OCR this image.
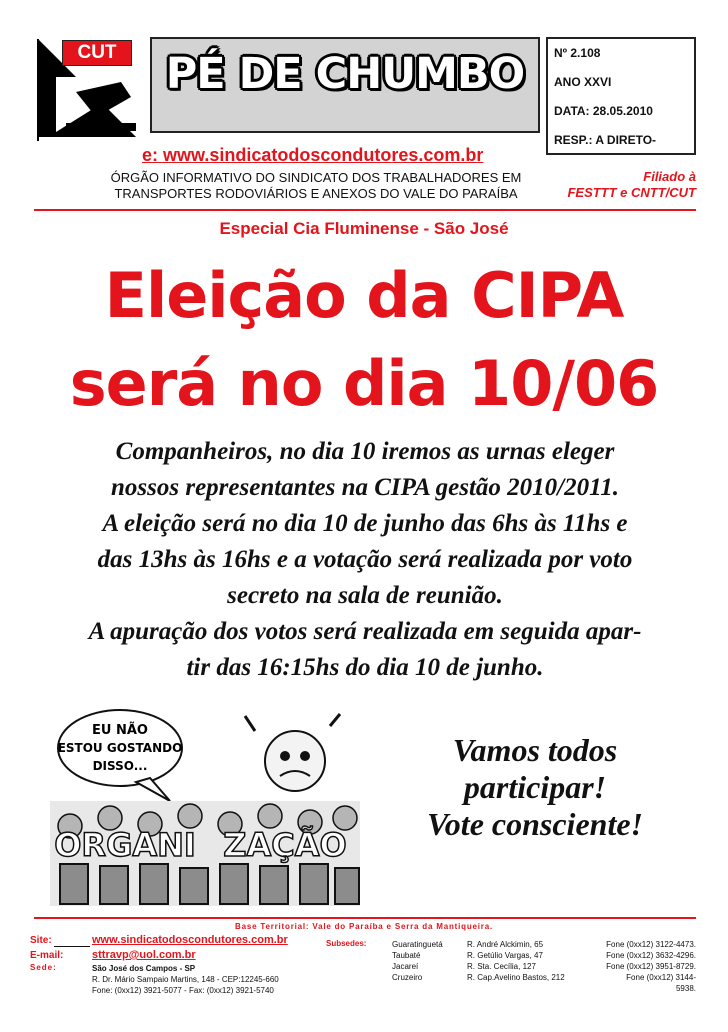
CUT	PÉ DE CHUMBO	Nº 2.108
ANO XXVI
DATA: 28.05.2010
RESP.: A DIRETO-
e: www.sindicatodoscondutores.com.br
ÓRGÃO INFORMATIVO DO SINDICATO DOS TRABALHADORES EM
TRANSPORTES RODOVIÁRIOS E ANEXOS DO VALE DO PARAÍBA
Filiado à
FESTTT e CNTT/CUT
Especial Cia Fluminense - São José
Eleição da CIPA
será no dia 10/06
Companheiros, no dia 10 iremos as urnas eleger
nossos representantes na CIPA gestão 2010/2011.
A eleição será no dia 10 de junho das 6hs às 11hs e
das 13hs às 16hs e a votação será realizada por voto
secreto na sala de reunião.
A apuração dos votos será realizada em seguida apar-
tir das 16:15hs do dia 10 de junho.
EU NÃO
ESTOU GOSTANDO
DISSO...
ORGANI ZAÇÃO
Vamos todos
participar!
Vote consciente!
Base Territorial: Vale do Paraíba e Serra da Mantiqueira.
Site:	www.sindicatodoscondutores.com.br
E-mail:	sttravp@uol.com.br
Sede:	São José dos Campos - SP
R. Dr. Mário Sampaio Martins, 148 - CEP:12245-660
Fone: (0xx12) 3921-5077 - Fax: (0xx12) 3921-5740
Subsedes:	Guaratinguetá	R. André Alckimin, 65	Fone (0xx12) 3122-4473.
Taubaté	R. Getúlio Vargas, 47	Fone (0xx12) 3632-4296.
Jacareí	R. Sta. Cecília, 127	Fone (0xx12) 3951-8729.
Cruzeiro	R. Cap.Avelino Bastos, 212	Fone (0xx12) 3144-
5938.
